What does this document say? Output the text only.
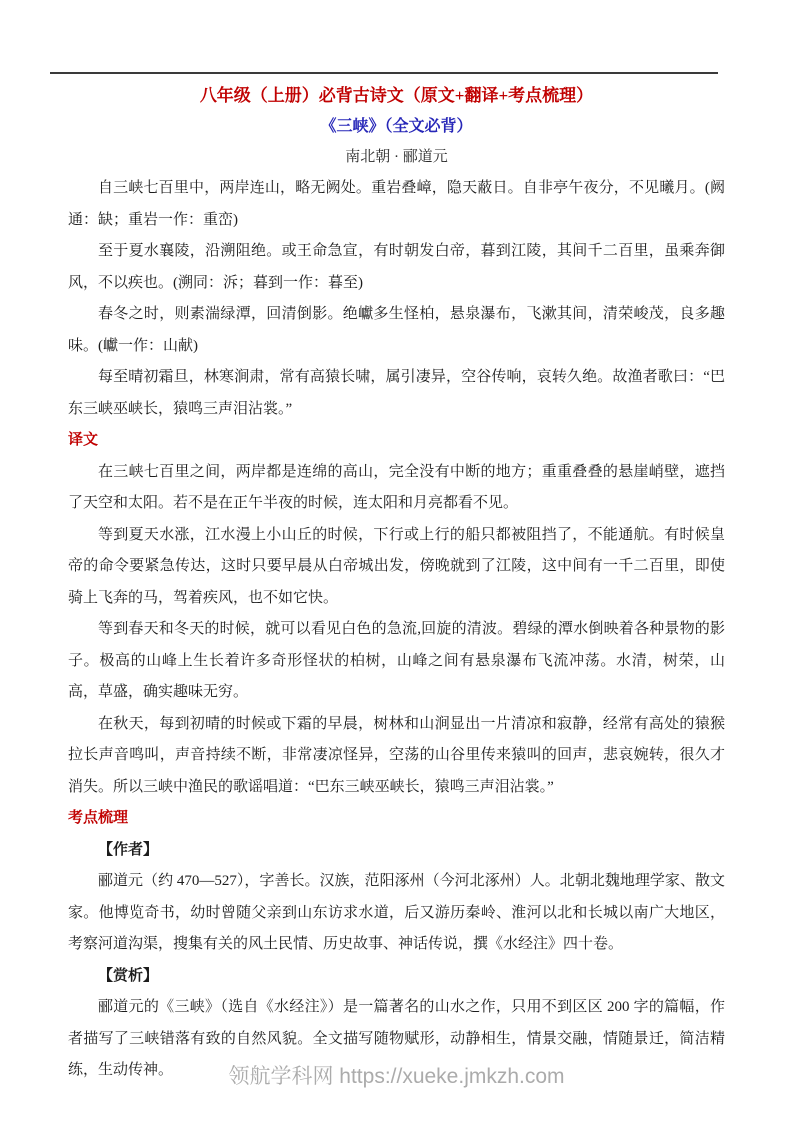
八年级（上册）必背古诗文（原文+翻译+考点梳理）
《三峡》（全文必背）
南北朝 · 郦道元

自三峡七百里中，两岸连山，略无阙处。重岩叠嶂，隐天蔽日。自非亭午夜分，不见曦月。(阙通：缺；重岩一作：重峦)

至于夏水襄陵，沿溯阻绝。或王命急宣，有时朝发白帝，暮到江陵，其间千二百里，虽乘奔御风，不以疾也。(溯同：泝；暮到一作：暮至)

春冬之时，则素湍绿潭，回清倒影。绝巘多生怪柏，悬泉瀑布，飞漱其间，清荣峻茂，良多趣味。(巘一作：山献)

每至晴初霜旦，林寒涧肃，常有高猿长啸，属引凄异，空谷传响，哀转久绝。故渔者歌曰：“巴东三峡巫峡长，猿鸣三声泪沾裳。”

译文

在三峡七百里之间，两岸都是连绵的高山，完全没有中断的地方；重重叠叠的悬崖峭壁，遮挡了天空和太阳。若不是在正午半夜的时候，连太阳和月亮都看不见。

等到夏天水涨，江水漫上小山丘的时候，下行或上行的船只都被阻挡了，不能通航。有时候皇帝的命令要紧急传达，这时只要早晨从白帝城出发，傍晚就到了江陵，这中间有一千二百里，即使骑上飞奔的马，驾着疾风，也不如它快。

等到春天和冬天的时候，就可以看见白色的急流,回旋的清波。碧绿的潭水倒映着各种景物的影子。极高的山峰上生长着许多奇形怪状的柏树，山峰之间有悬泉瀑布飞流冲荡。水清，树荣，山高，草盛，确实趣味无穷。

在秋天，每到初晴的时候或下霜的早晨，树林和山涧显出一片清凉和寂静，经常有高处的猿猴拉长声音鸣叫，声音持续不断，非常凄凉怪异，空荡的山谷里传来猿叫的回声，悲哀婉转，很久才消失。所以三峡中渔民的歌谣唱道：“巴东三峡巫峡长，猿鸣三声泪沾裳。”

考点梳理
【作者】

郦道元（约 470—527），字善长。汉族，范阳涿州（今河北涿州）人。北朝北魏地理学家、散文家。他博览奇书，幼时曾随父亲到山东访求水道，后又游历秦岭、淮河以北和长城以南广大地区，考察河道沟渠，搜集有关的风土民情、历史故事、神话传说，撰《水经注》四十卷。

【赏析】

郦道元的《三峡》（选自《水经注》）是一篇著名的山水之作，只用不到区区 200 字的篇幅，作者描写了三峡错落有致的自然风貌。全文描写随物赋形，动静相生，情景交融，情随景迁，简洁精练，生动传神。	领航学科网 https://xueke.jmkzh.com
